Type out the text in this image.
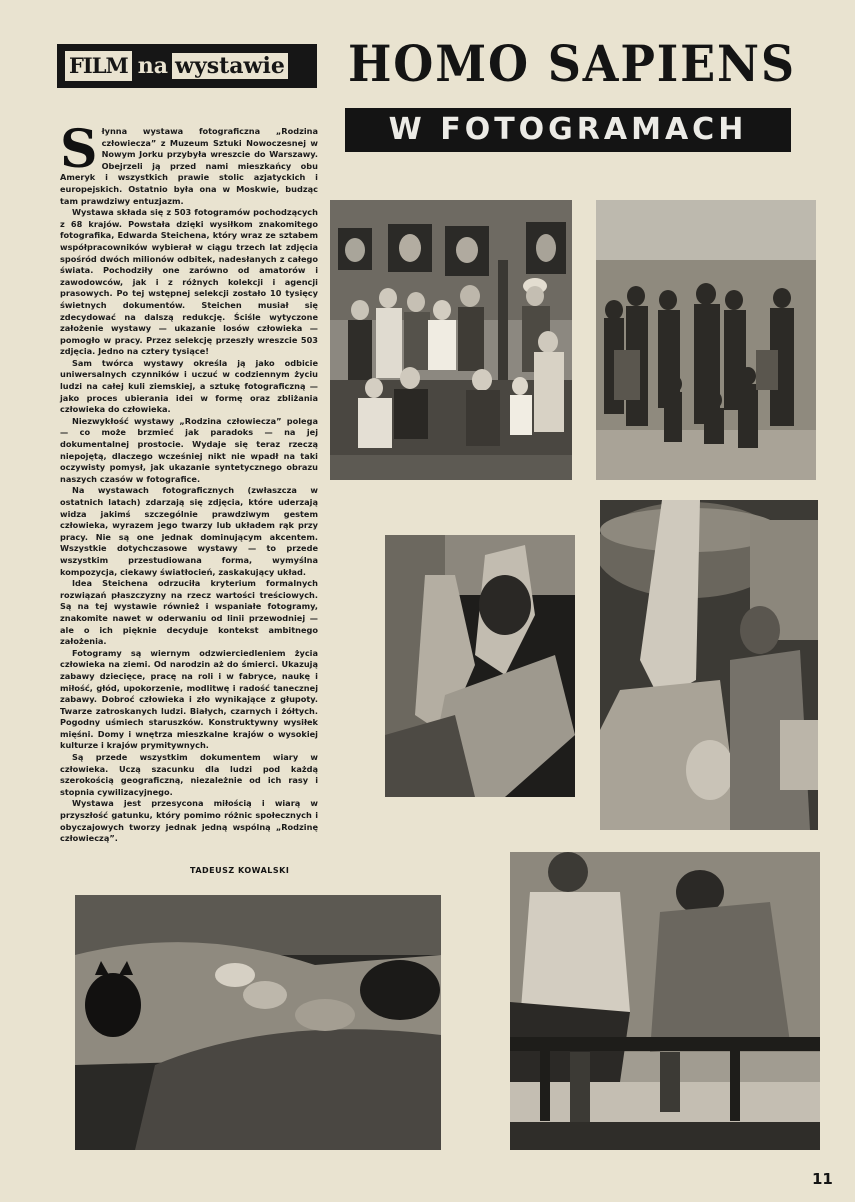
FILM na wystawie HOMO SAPIENS
W FOTOGRAMACH
S łynna wystawa fotograficzna „Rodzina człowiecza” z Muzeum Sztuki Nowoczesnej w Nowym Jorku przybyła wreszcie do Warszawy. Obejrzeli ją przed nami mieszkańcy obu Ameryk i wszystkich prawie stolic azjatyckich i europejskich. Ostatnio była ona w Moskwie, budząc tam prawdziwy entuzjazm.

Wystawa składa się z 503 fotogramów pochodzących z 68 krajów. Powstała dzięki wysiłkom znakomitego fotografika, Edwarda Steichena, który wraz ze sztabem współpracowników wybierał w ciągu trzech lat zdjęcia spośród dwóch milionów odbitek, nadesłanych z całego świata. Pochodziły one zarówno od amatorów i zawodowców, jak i z różnych kolekcji i agencji prasowych. Po tej wstępnej selekcji zostało 10 tysięcy świetnych dokumentów. Steichen musiał się zdecydować na dalszą redukcję. Ściśle wytyczone założenie wystawy — ukazanie losów człowieka — pomogło w pracy. Przez selekcję przeszły wreszcie 503 zdjęcia. Jedno na cztery tysiące!

Sam twórca wystawy określa ją jako odbicie uniwersalnych czynników i uczuć w codziennym życiu ludzi na całej kuli ziemskiej, a sztukę fotograficzną — jako proces ubierania idei w formę oraz zbliżania człowieka do człowieka.

Niezwykłość wystawy „Rodzina człowiecza” polega — co może brzmieć jak paradoks — na jej dokumentalnej prostocie. Wydaje się teraz rzeczą niepojętą, dlaczego wcześniej nikt nie wpadł na taki oczywisty pomysł, jak ukazanie syntetycznego obrazu naszych czasów w fotografice.

Na wystawach fotograficznych (zwłaszcza w ostatnich latach) zdarzają się zdjęcia, które uderzają widza jakimś szczególnie prawdziwym gestem człowieka, wyrazem jego twarzy lub układem rąk przy pracy. Nie są one jednak dominującym akcentem. Wszystkie dotychczasowe wystawy — to przede wszystkim przestudiowana forma, wymyślna kompozycja, ciekawy światłocień, zaskakujący układ.

Idea Steichena odrzuciła kryterium formalnych rozwiązań płaszczyzny na rzecz wartości treściowych. Są na tej wystawie również i wspaniałe fotogramy, znakomite nawet w oderwaniu od linii przewodniej — ale o ich pięknie decyduje kontekst ambitnego założenia.

Fotogramy są wiernym odzwierciedleniem życia człowieka na ziemi. Od narodzin aż do śmierci. Ukazują zabawy dziecięce, pracę na roli i w fabryce, naukę i miłość, głód, upokorzenie, modlitwę i radość tanecznej zabawy. Dobroć człowieka i zło wynikające z głupoty. Twarze zatroskanych ludzi. Białych, czarnych i żółtych. Pogodny uśmiech staruszków. Konstruktywny wysiłek mięśni. Domy i wnętrza mieszkalne krajów o wysokiej kulturze i krajów prymitywnych.

Są przede wszystkim dokumentem wiary w człowieka. Uczą szacunku dla ludzi pod każdą szerokością geograficzną, niezależnie od ich rasy i stopnia cywilizacyjnego.

Wystawa jest przesycona miłością i wiarą w przyszłość gatunku, który pomimo różnic społecznych i obyczajowych tworzy jednak jedną wspólną „Rodzinę człowieczą”.

TADEUSZ KOWALSKI
11
